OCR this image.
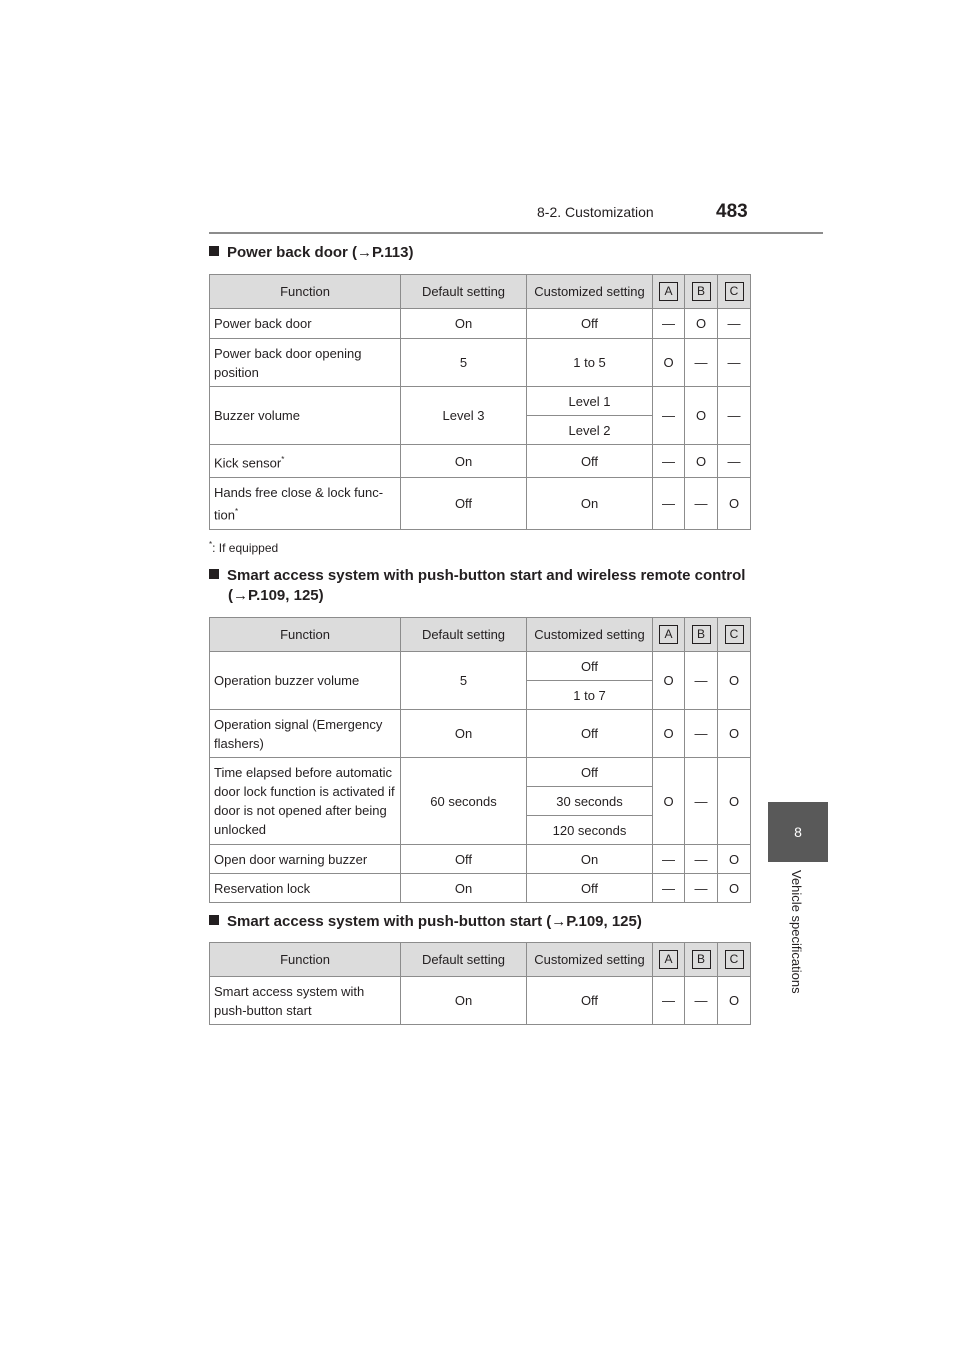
8-2. Customization	483
8
Vehicle specifications
Power back door (→P.113)
Function	Default setting	Customized setting	A	B	C
Power back door	On	Off	—	O	—
Power back door opening position	5	1 to 5	O	—	—
Buzzer volume	Level 3	Level 1	—	O	—
		Level 2			
Kick sensor*	On	Off	—	O	—
Hands free close & lock func-tion*	Off	On	—	—	O
*: If equipped
Smart access system with push-button start and wireless remote control
(→P.109, 125)
Function	Default setting	Customized setting	A	B	C
Operation buzzer volume	5	Off	O	—	O
		1 to 7			
Operation signal (Emergency flashers)	On	Off	O	—	O
Time elapsed before automatic door lock function is activated if door is not opened after being unlocked	60 seconds	Off	O	—	O
		30 seconds			
		120 seconds			
Open door warning buzzer	Off	On	—	—	O
Reservation lock	On	Off	—	—	O
Smart access system with push-button start (→P.109, 125)
Function	Default setting	Customized setting	A	B	C
Smart access system with push-button start	On	Off	—	—	O
